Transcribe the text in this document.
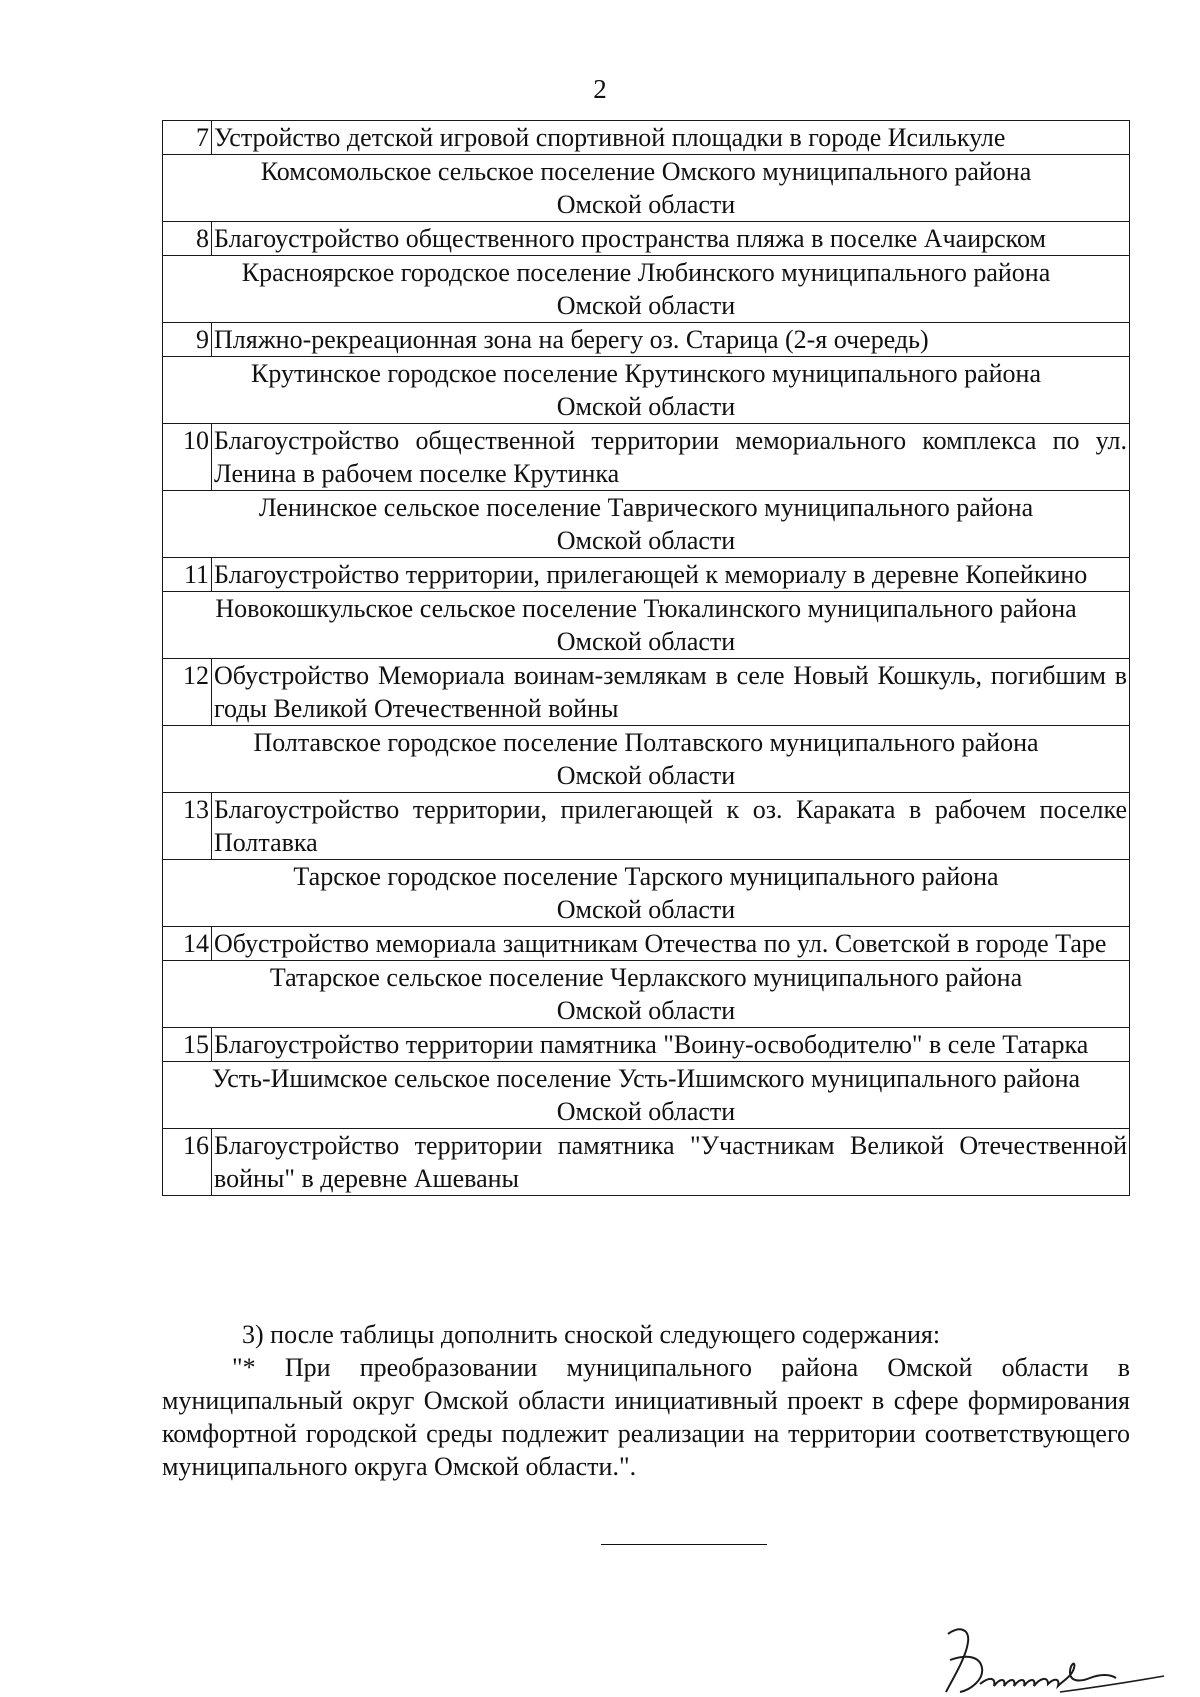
2
7	Устройство детской игровой спортивной площадки в городе Исилькуле

Комсомольское сельское поселение Омского муниципального района
Омской области	

8	Благоустройство общественного пространства пляжа в поселке Ачаирском

Красноярское городское поселение Любинского муниципального района
Омской области	

9	Пляжно-рекреационная зона на берегу оз. Старица (2-я очередь)

Крутинское городское поселение Крутинского муниципального района
Омской области	

10	Благоустройство общественной территории мемориального комплекса по ул. Ленина в рабочем поселке Крутинка

Ленинское сельское поселение Таврического муниципального района
Омской области	

11	Благоустройство территории, прилегающей к мемориалу в деревне Копейкино

Новокошкульское сельское поселение Тюкалинского муниципального района
Омской области	

12	Обустройство Мемориала воинам-землякам в селе Новый Кошкуль, погибшим в годы Великой Отечественной войны

Полтавское городское поселение Полтавского муниципального района
Омской области	

13	Благоустройство территории, прилегающей к оз. Караката в рабочем поселке Полтавка

Тарское городское поселение Тарского муниципального района
Омской области	

14	Обустройство мемориала защитникам Отечества по ул. Советской в городе Таре

Татарское сельское поселение Черлакского муниципального района
Омской области	

15	Благоустройство территории памятника "Воину-освободителю" в селе Татарка

Усть-Ишимское сельское поселение Усть-Ишимского муниципального района
Омской области	

16	Благоустройство территории памятника "Участникам Великой Отечественной войны" в деревне Ашеваны

3) после таблицы дополнить сноской следующего содержания:

"* При преобразовании муниципального района Омской области в муниципальный округ Омской области инициативный проект в сфере формирования комфортной городской среды подлежит реализации на территории соответствующего муниципального округа Омской области.".
